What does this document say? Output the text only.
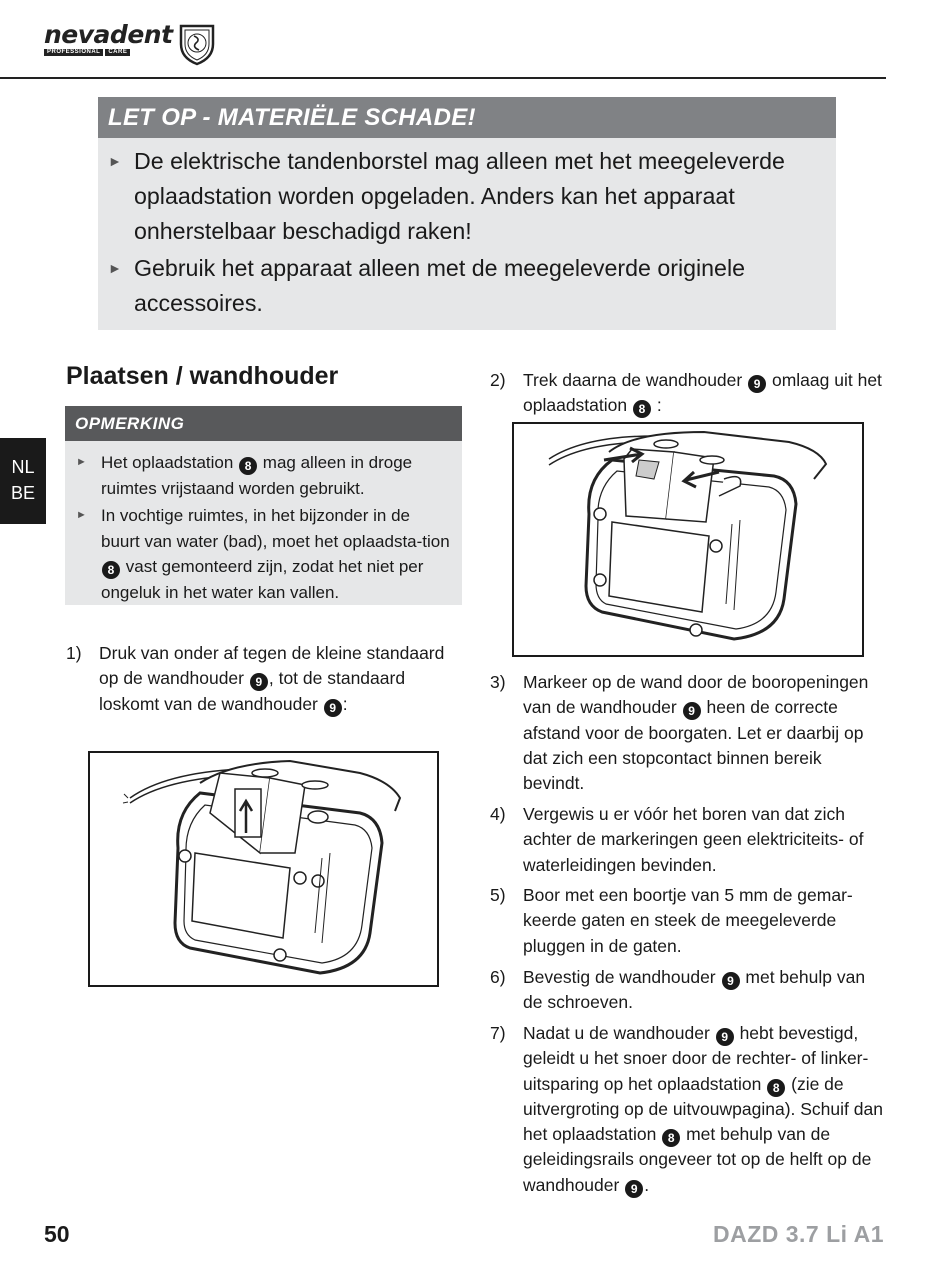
nevadent
PROFESSIONAL	CARE
LET OP - MATERIËLE SCHADE!
► De elektrische tandenborstel mag alleen met het meegeleverde oplaadstation worden opgeladen. Anders kan het apparaat onherstelbaar beschadigd raken!
► Gebruik het apparaat alleen met de meegeleverde originele accessoires.
NL
BE
Plaatsen / wandhouder
OPMERKING
► Het oplaadstation 8 mag alleen in droge ruimtes vrijstaand worden gebruikt.
► In vochtige ruimtes, in het bijzonder in de buurt van water (bad), moet het oplaadsta-tion 8 vast gemonteerd zijn, zodat het niet per ongeluk in het water kan vallen.
1) Druk van onder af tegen de kleine standaard op de wandhouder 9 , tot de standaard loskomt van de wandhouder 9 :
2) Trek daarna de wandhouder 9 omlaag uit het oplaadstation 8 :
3) Markeer op de wand door de booropeningen van de wandhouder 9 heen de correcte afstand voor de boorgaten. Let er daarbij op dat zich een stopcontact binnen bereik bevindt.
4) Vergewis u er vóór het boren van dat zich achter de markeringen geen elektriciteits- of waterleidingen bevinden.
5) Boor met een boortje van 5 mm de gemar-keerde gaten en steek de meegeleverde pluggen in de gaten.
6) Bevestig de wandhouder 9 met behulp van de schroeven.
7) Nadat u de wandhouder 9 hebt bevestigd, geleidt u het snoer door de rechter- of linker-uitsparing op het oplaadstation 8 (zie de uitvergroting op de uitvouwpagina). Schuif dan het oplaadstation 8 met behulp van de geleidingsrails ongeveer tot op de helft op de wandhouder 9 .
50	DAZD 3.7 Li A1
